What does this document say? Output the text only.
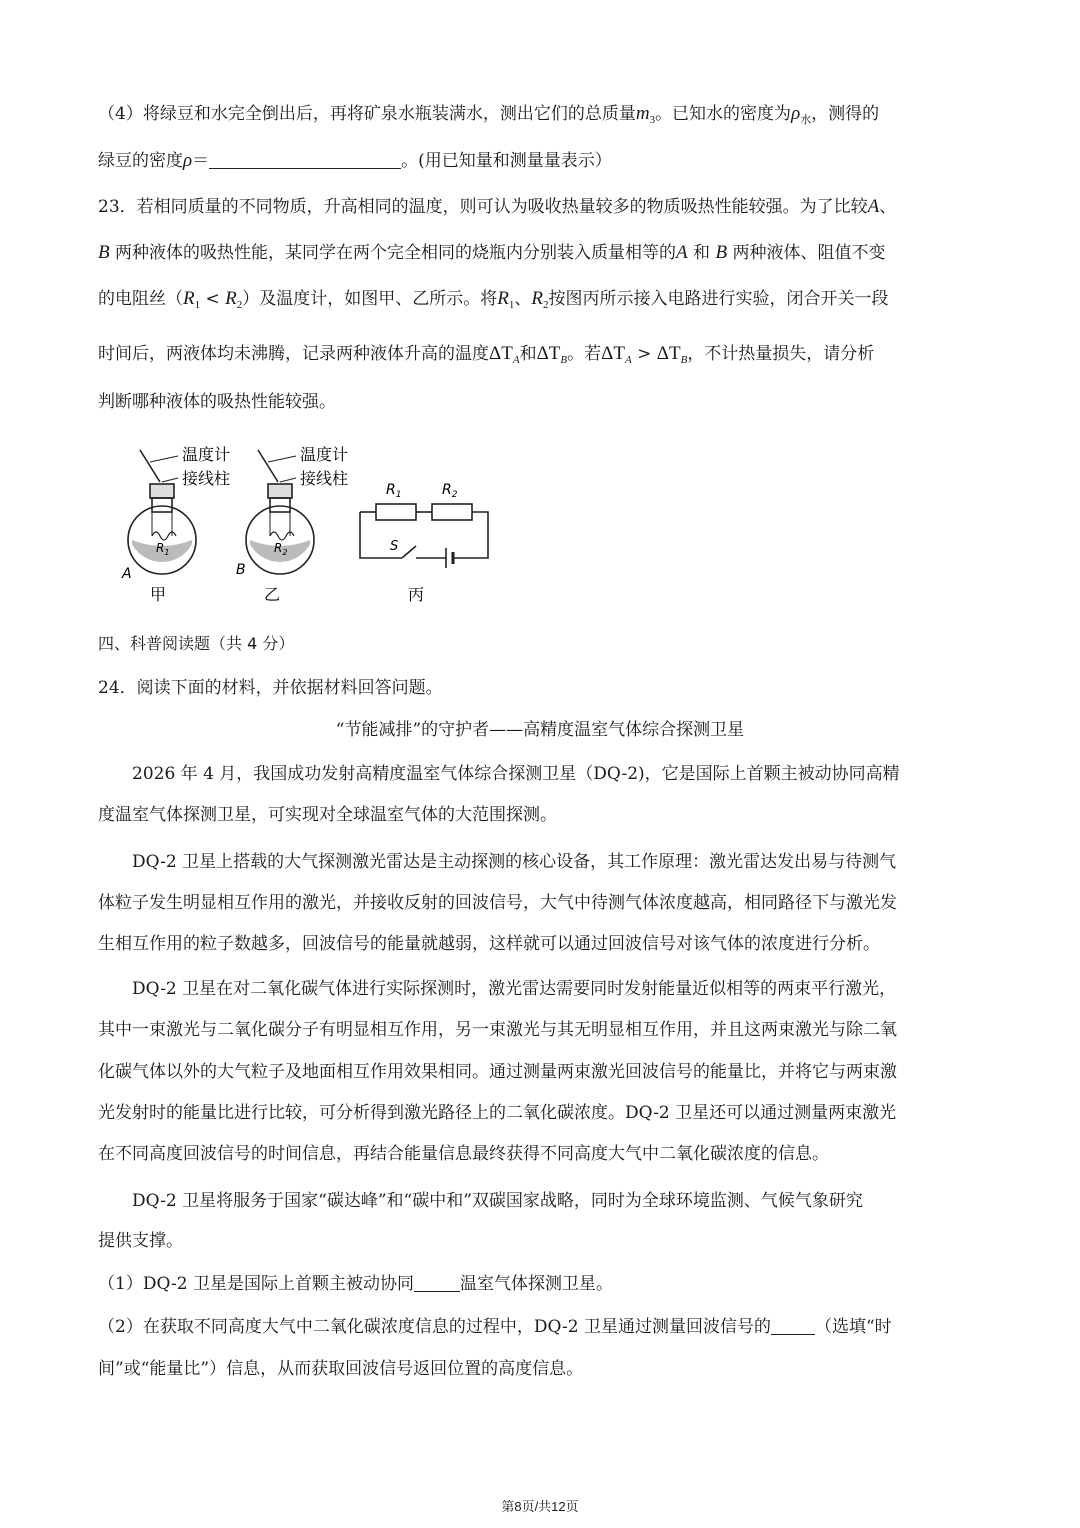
（4）将绿豆和水完全倒出后，再将矿泉水瓶装满水，测出它们的总质量$m_3$。已知水的密度为$\rho_水$，测得的
绿豆的密度ρ＝	。(用已知量和测量量表示）
23．若相同质量的不同物质，升高相同的温度，则可认为吸收热量较多的物质吸热性能较强。为了比较A、
B 两种液体的吸热性能，某同学在两个完全相同的烧瓶内分别装入质量相等的A 和 B 两种液体、阻值不变
的电阻丝$(R_1 < R_2)$及温度计，如图甲、乙所示。将$R_1$、$R_2$按图丙所示接入电路进行实验，闭合开关一段
时间后，两液体均未沸腾，记录两种液体升高的温度$\Delta T_A$和$\Delta T_B$。若$\Delta T_A > \Delta T_B$，不计热量损失，请分析
判断哪种液体的吸热性能较强。
温度计
接线柱
A
$R_1$
甲
温度计
接线柱
B
$R_2$
乙
$R_1$	$R_2$
S
丙
四、科普阅读题（共 4 分）
24．阅读下面的材料，并依据材料回答问题。
“节能减排”的守护者——高精度温室气体综合探测卫星
2026 年 4 月，我国成功发射高精度温室气体综合探测卫星（DQ-2)，它是国际上首颗主被动协同高精
度温室气体探测卫星，可实现对全球温室气体的大范围探测。
DQ-2 卫星上搭载的大气探测激光雷达是主动探测的核心设备，其工作原理：激光雷达发出易与待测气
体粒子发生明显相互作用的激光，并接收反射的回波信号，大气中待测气体浓度越高，相同路径下与激光发
生相互作用的粒子数越多，回波信号的能量就越弱，这样就可以通过回波信号对该气体的浓度进行分析。
DQ-2 卫星在对二氧化碳气体进行实际探测时，激光雷达需要同时发射能量近似相等的两束平行激光，
其中一束激光与二氧化碳分子有明显相互作用，另一束激光与其无明显相互作用，并且这两束激光与除二氧
化碳气体以外的大气粒子及地面相互作用效果相同。通过测量两束激光回波信号的能量比，并将它与两束激
光发射时的能量比进行比较，可分析得到激光路径上的二氧化碳浓度。DQ-2 卫星还可以通过测量两束激光
在不同高度回波信号的时间信息，再结合能量信息最终获得不同高度大气中二氧化碳浓度的信息。
DQ-2 卫星将服务于国家“碳达峰”和“碳中和”双碳国家战略，同时为全球环境监测、气候气象研究
提供支撑。
（1）DQ-2 卫星是国际上首颗主被动协同	温室气体探测卫星。
（2）在获取不同高度大气中二氧化碳浓度信息的过程中，DQ-2 卫星通过测量回波信号的	（选填“时
间”或“能量比”）信息，从而获取回波信号返回位置的高度信息。
第8页/共12页
